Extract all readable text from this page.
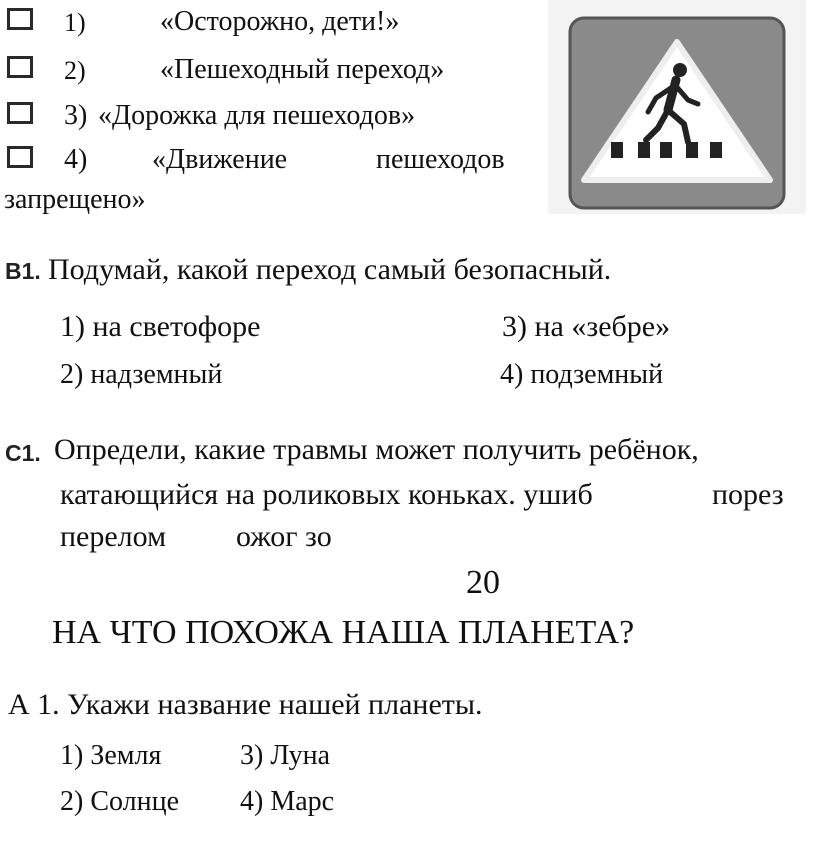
1)	«Осторожно, дети!»
2)	«Пешеходный переход»
3) «Дорожка для пешеходов»
4) «Движение	пешеходов
запрещено»
В1. Подумай, какой переход самый безопасный.
1) на светофоре	3) на «зебре»
2) надземный	4) подземный
С1. Определи, какие травмы может получить ребёнок,
катающийся на роликовых коньках. ушиб	порез
перелом ожог зо
20
НА ЧТО ПОХОЖА НАША ПЛАНЕТА?
А 1. Укажи название нашей планеты.
1) Земля	3) Луна
2) Солнце 4) Марс
